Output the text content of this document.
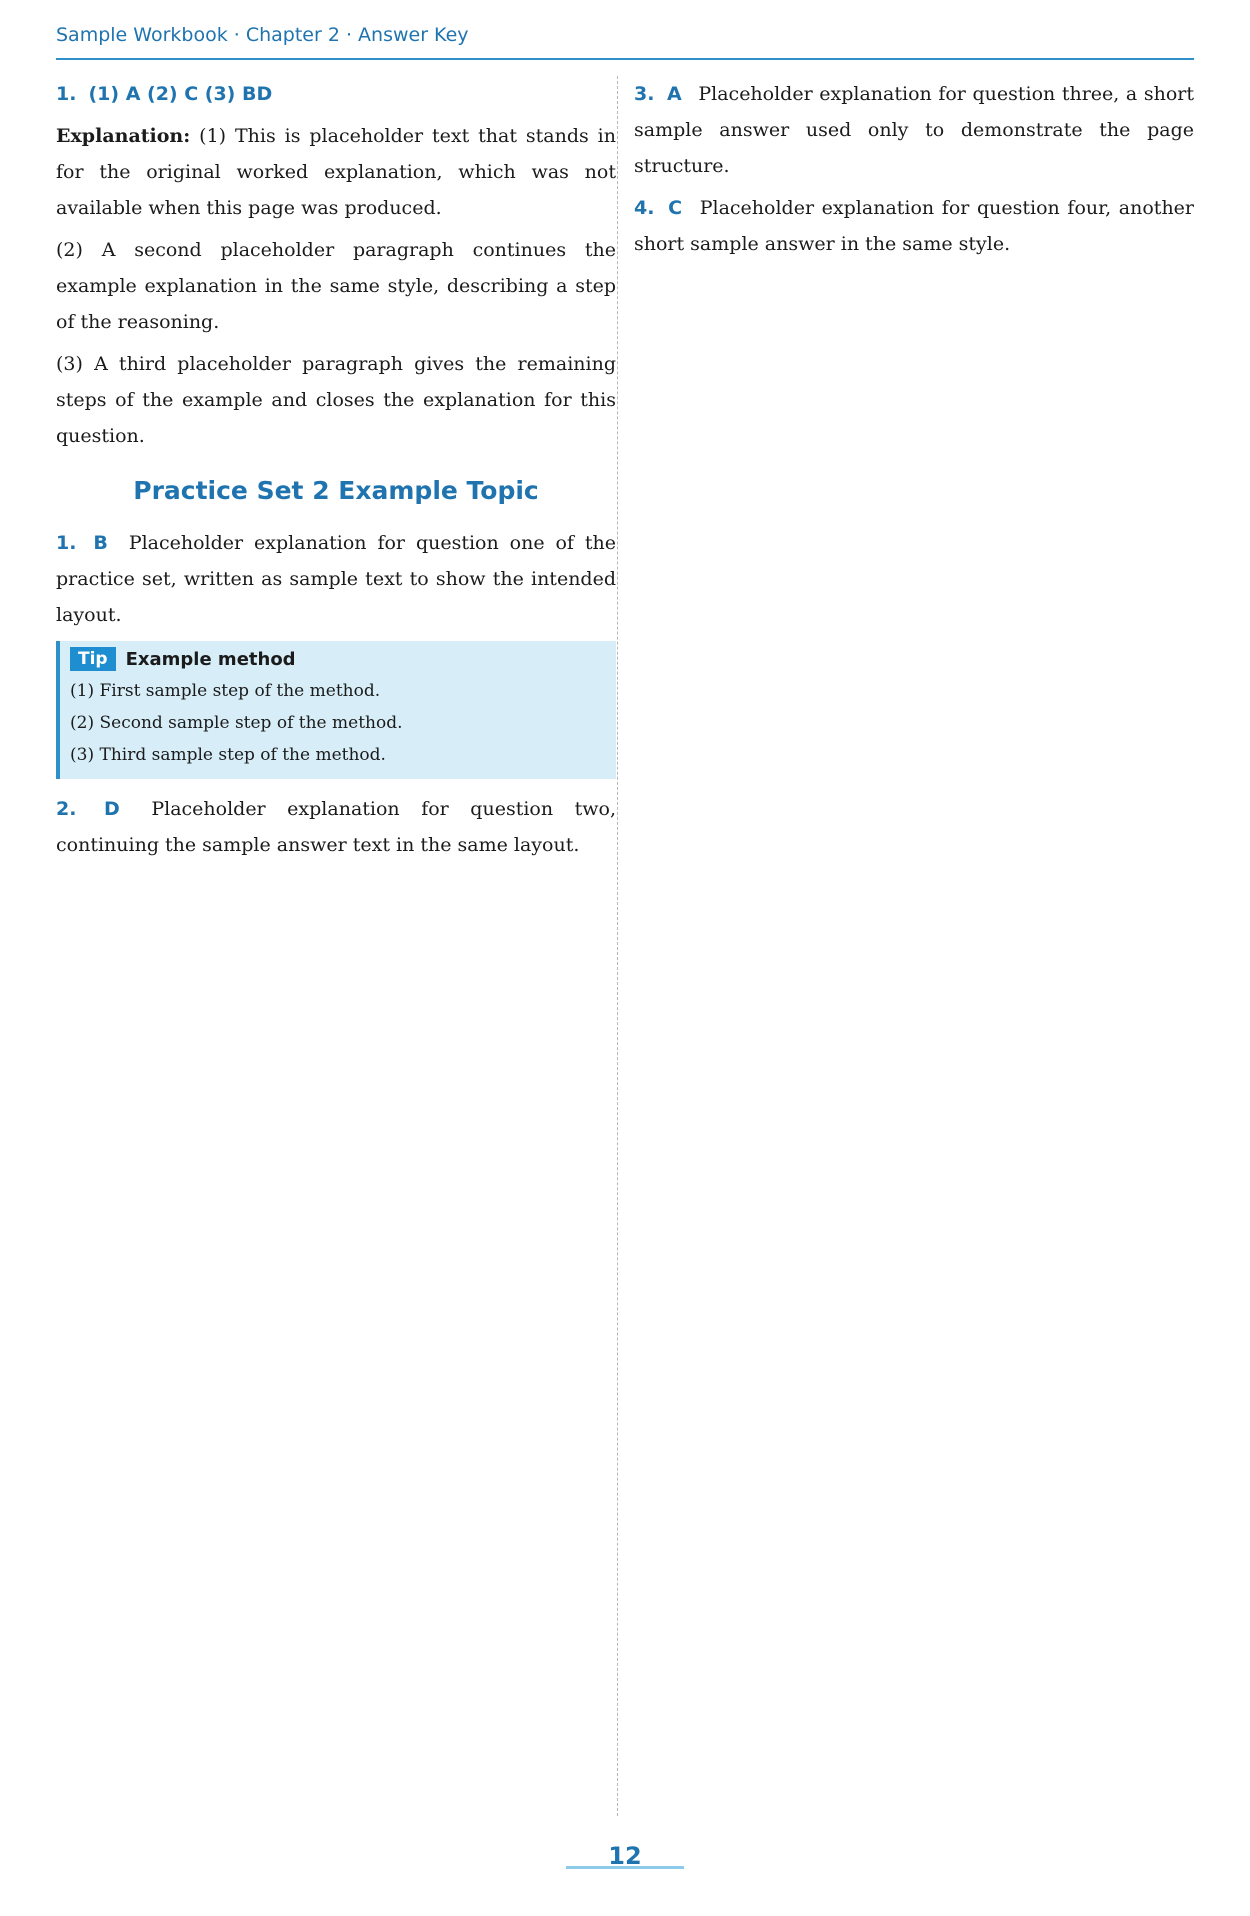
Sample Workbook · Chapter 2 · Answer Key

1. (1) A (2) C (3) BD

Explanation: (1) This is placeholder text that stands in for the original worked explanation, which was not available when this page was produced.

(2) A second placeholder paragraph continues the example explanation in the same style, describing a step of the reasoning.

(3) A third placeholder paragraph gives the remaining steps of the example and closes the explanation for this question.

Practice Set 2 Example Topic

1. B Placeholder explanation for question one of the practice set, written as sample text to show the intended layout.

Tip	Example method
(1) First sample step of the method.
(2) Second sample step of the method.
(3) Third sample step of the method.

2. D Placeholder explanation for question two, continuing the sample answer text in the same layout.

3. A Placeholder explanation for question three, a short sample answer used only to demonstrate the page structure.

4. C Placeholder explanation for question four, another short sample answer in the same style.

12
